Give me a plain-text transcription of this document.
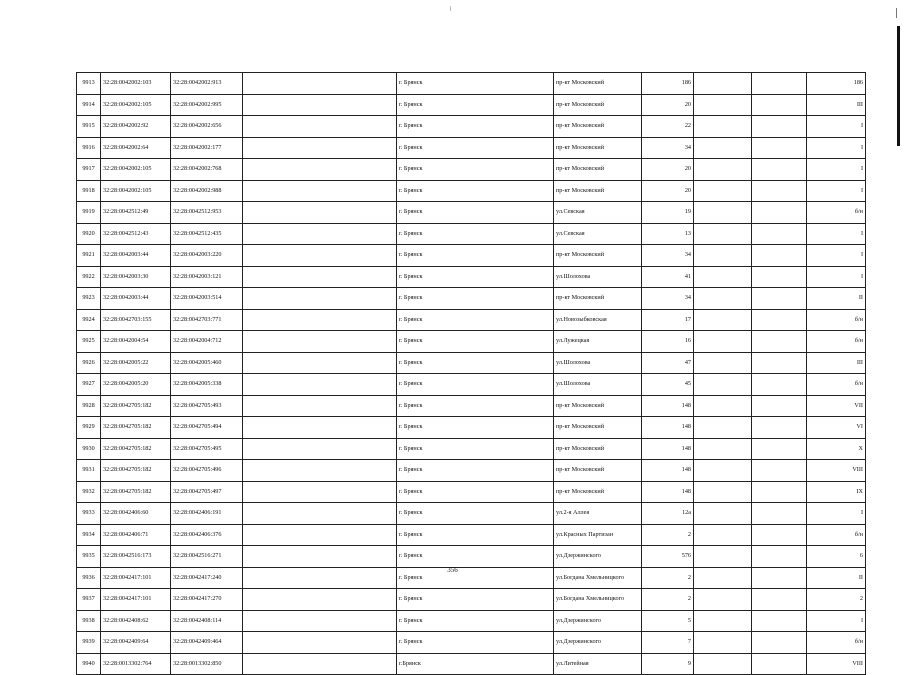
9913	32:28:0042002:103	32:28:0042002:913		г. Брянск	пр-кт Московский	186			186
9914	32:28:0042002:105	32:28:0042002:995		г. Брянск	пр-кт Московский	20			III
9915	32:28:0042002:92	32:28:0042002:656		г. Брянск	пр-кт Московский	22			I
9916	32:28:0042002:64	32:28:0042002:177		г. Брянск	пр-кт Московский	34			I
9917	32:28:0042002:105	32:28:0042002:768		г. Брянск	пр-кт Московский	20			I
9918	32:28:0042002:105	32:28:0042002:988		г. Брянск	пр-кт Московский	20			I
9919	32:28:0042512:49	32:28:0042512:953		г. Брянск	ул.Севская	19			б/н
9920	32:28:0042512:43	32:28:0042512:435		г. Брянск	ул.Севская	13			I
9921	32:28:0042003:44	32:28:0042003:220		г. Брянск	пр-кт Московский	34			I
9922	32:28:0042003:30	32:28:0042003:121		г. Брянск	ул.Шолохова	41			I
9923	32:28:0042003:44	32:28:0042003:514		г. Брянск	пр-кт Московский	34			II
9924	32:28:0042703:155	32:28:0042703:771		г. Брянск	ул.Новозыбковская	17			б/н
9925	32:28:0042004:54	32:28:0042004:712		г. Брянск	ул.Лужецкая	16			б/н
9926	32:28:0042005:22	32:28:0042005:460		г. Брянск	ул.Шолохова	47			III
9927	32:28:0042005:20	32:28:0042005:338		г. Брянск	ул.Шолохова	45			б/н
9928	32:28:0042705:182	32:28:0042705:493		г. Брянск	пр-кт Московский	148			VII
9929	32:28:0042705:182	32:28:0042705:494		г. Брянск	пр-кт Московский	148			VI
9930	32:28:0042705:182	32:28:0042705:495		г. Брянск	пр-кт Московский	148			X
9931	32:28:0042705:182	32:28:0042705:496		г. Брянск	пр-кт Московский	148			VIII
9932	32:28:0042705:182	32:28:0042705:497		г. Брянск	пр-кт Московский	148			IX
9933	32:28:0042406:60	32:28:0042406:191		г. Брянск	ул.2-я Аллея	12а			I
9934	32:28:0042406:71	32:28:0042406:376		г. Брянск	ул.Красных Партизан	2			б/н
9935	32:28:0042516:173	32:28:0042516:271		г. Брянск	ул.Дзержинского	576			6
9936	32:28:0042417:101	32:28:0042417:240		г. Брянск	ул.Богдана Хмельницкого	2			II
9937	32:28:0042417:101	32:28:0042417:270		г. Брянск	ул.Богдана Хмельницкого	2			2
9938	32:28:0042408:62	32:28:0042408:114		г. Брянск	ул.Дзержинского	5			I
9939	32:28:0042409:64	32:28:0042409:464		г. Брянск	ул.Дзержинского	7			б/н
9940	32:28:0013302:764	32:28:0013302:850		г.Брянск	ул.Литейная	9			VIII
356
